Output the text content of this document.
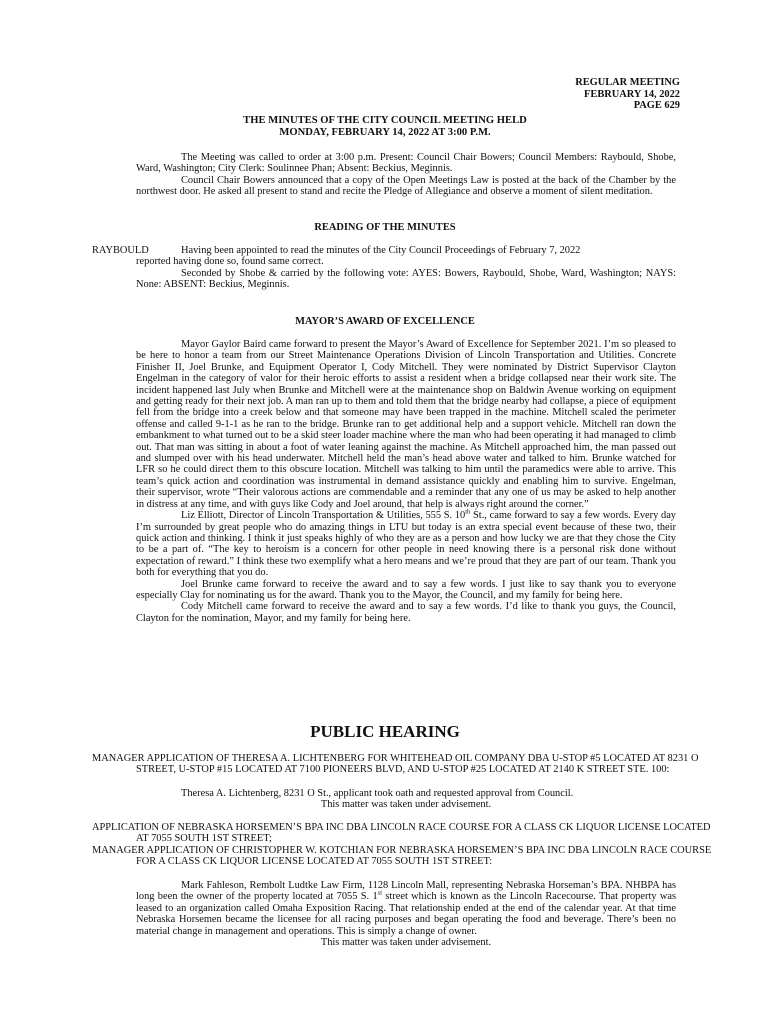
REGULAR MEETING
FEBRUARY 14, 2022
PAGE 629
THE MINUTES OF THE CITY COUNCIL MEETING HELD
MONDAY, FEBRUARY 14, 2022 AT 3:00 P.M.

The Meeting was called to order at 3:00 p.m. Present: Council Chair Bowers; Council Members: Raybould, Shobe, Ward, Washington; City Clerk: Soulinnee Phan; Absent: Beckius, Meginnis.

Council Chair Bowers announced that a copy of the Open Meetings Law is posted at the back of the Chamber by the northwest door. He asked all present to stand and recite the Pledge of Allegiance and observe a moment of silent meditation.

READING OF THE MINUTES
RAYBOULD	Having been appointed to read the minutes of the City Council Proceedings of February 7, 2022

reported having done so, found same correct.

Seconded by Shobe & carried by the following vote: AYES: Bowers, Raybould, Shobe, Ward, Washington; NAYS: None: ABSENT: Beckius, Meginnis.

MAYOR’S AWARD OF EXCELLENCE

Mayor Gaylor Baird came forward to present the Mayor’s Award of Excellence for September 2021. I’m so pleased to be here to honor a team from our Street Maintenance Operations Division of Lincoln Transportation and Utilities. Concrete Finisher II, Joel Brunke, and Equipment Operator I, Cody Mitchell. They were nominated by District Supervisor Clayton Engelman in the category of valor for their heroic efforts to assist a resident when a bridge collapsed near their work site. The incident happened last July when Brunke and Mitchell were at the maintenance shop on Baldwin Avenue working on equipment and getting ready for their next job. A man ran up to them and told them that the bridge nearby had collapse, a piece of equipment fell from the bridge into a creek below and that someone may have been trapped in the machine. Mitchell scaled the perimeter offense and called 9-1-1 as he ran to the bridge. Brunke ran to get additional help and a support vehicle. Mitchell ran down the embankment to what turned out to be a skid steer loader machine where the man who had been operating it had managed to climb out. That man was sitting in about a foot of water leaning against the machine. As Mitchell approached him, the man passed out and slumped over with his head underwater. Mitchell held the man’s head above water and talked to him. Brunke watched for LFR so he could direct them to this obscure location. Mitchell was talking to him until the paramedics were able to arrive. This team’s quick action and coordination was instrumental in demand assistance quickly and enabling him to survive. Engelman, their supervisor, wrote “Their valorous actions are commendable and a reminder that any one of us may be asked to help another in distress at any time, and with guys like Cody and Joel around, that help is always right around the corner.”

Liz Elliott, Director of Lincoln Transportation & Utilities, 555 S. 10th St., came forward to say a few words. Every day I’m surrounded by great people who do amazing things in LTU but today is an extra special event because of these two, their quick action and thinking. I think it just speaks highly of who they are as a person and how lucky we are that they chose the City to be a part of. “The key to heroism is a concern for other people in need knowing there is a personal risk done without expectation of reward.” I think these two exemplify what a hero means and we’re proud that they are part of our team. Thank you both for everything that you do.

Joel Brunke came forward to receive the award and to say a few words. I just like to say thank you to everyone especially Clay for nominating us for the award. Thank you to the Mayor, the Council, and my family for being here.

Cody Mitchell came forward to receive the award and to say a few words. I’d like to thank you guys, the Council, Clayton for the nomination, Mayor, and my family for being here.

PUBLIC HEARING

MANAGER APPLICATION OF THERESA A. LICHTENBERG FOR WHITEHEAD OIL COMPANY DBA U-STOP #5 LOCATED AT 8231 O STREET, U-STOP #15 LOCATED AT 7100 PIONEERS BLVD, AND U-STOP #25 LOCATED AT 2140 K STREET STE. 100:

Theresa A. Lichtenberg, 8231 O St., applicant took oath and requested approval from Council.

This matter was taken under advisement.

APPLICATION OF NEBRASKA HORSEMEN’S BPA INC DBA LINCOLN RACE COURSE FOR A CLASS CK LIQUOR LICENSE LOCATED AT 7055 SOUTH 1ST STREET;

MANAGER APPLICATION OF CHRISTOPHER W. KOTCHIAN FOR NEBRASKA HORSEMEN’S BPA INC DBA LINCOLN RACE COURSE FOR A CLASS CK LIQUOR LICENSE LOCATED AT 7055 SOUTH 1ST STREET:

Mark Fahleson, Rembolt Ludtke Law Firm, 1128 Lincoln Mall, representing Nebraska Horseman’s BPA. NHBPA has long been the owner of the property located at 7055 S. 1st street which is known as the Lincoln Racecourse. That property was leased to an organization called Omaha Exposition Racing. That relationship ended at the end of the calendar year. At that time Nebraska Horsemen became the licensee for all racing purposes and began operating the food and beverage. There’s been no material change in management and operations. This is simply a change of owner.

This matter was taken under advisement.
